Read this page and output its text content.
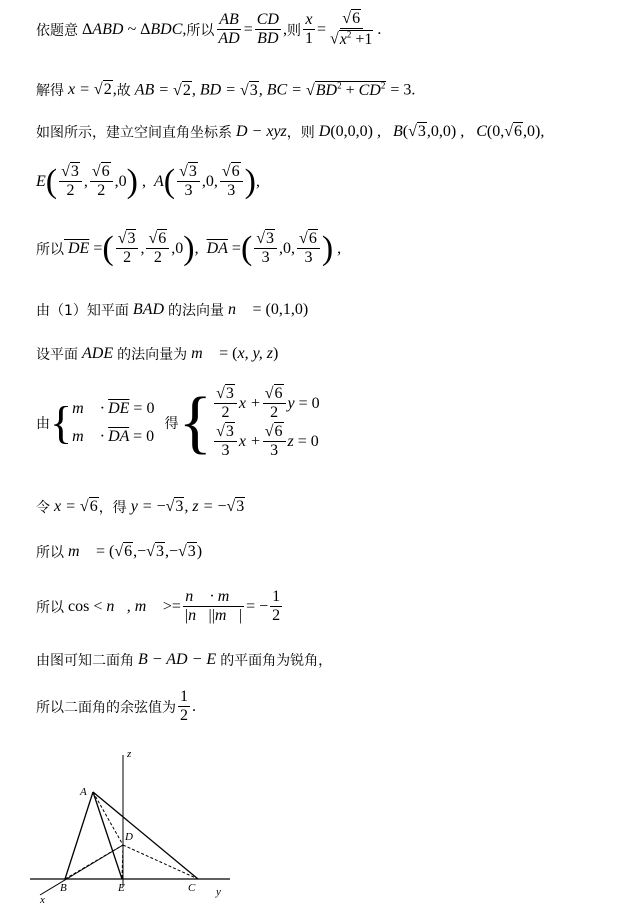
依题意 ΔABD ~ ΔBDC, 所以 $\frac{AB}{AD} = \frac{CD}{BD}$ , 则 $\frac{x}{1} = \frac{√6}{√x^2 +1}$ .
解得 x = √2, 故 AB = √2, BD = √3, BC = $√BD^2 + CD^2 = 3$.
如图所示，建立空间直角坐标系 D − xyz ，则 D(0,0,0) ,   B(√3,0,0) ,   C(0,√6,0),
E ( $\frac{√3}{2}$ , $\frac{√6}{2} ,0$ ) , A ( $\frac{√3}{3} ,0$, $\frac{√6}{3}$ ) ,
所以 DE = ( $\frac{√3}{2}$ , $\frac{√6}{2} ,0$ ) , $\overline{DA}$ = ( $\frac{√3}{3} ,0$, $\frac{√6}{3}$ ) ,
由（1）知平面 BAD 的法向量 n⃗ = (0,1,0)
设平面 ADE 的法向量为 m⃗ = (x, y, z)
由 { m⃗ · $\overline{DE} = 0$
m⃗ · $\overline{DA} = 0$
得 { $\frac{√3}{2}$ $x + \frac{√6}{2}$ y = 0
$\frac{√3}{3}$ $x + \frac{√6}{3}$ z = 0
令 x = √6 ，得 y = −√3, z = −√3
所以 m⃗ = (√6,−√3,−√3)
所以 cos < n⃗, m⃗ >= $\frac{n⃗ \cdot m⃗}{|n⃗||m⃗|}$ = − $\frac{1}{2}$
由图可知二面角 B − AD − E 的平面角为锐角，
所以二面角的余弦值为 $\frac{1}{2}$ .
z
A
D
B	E	C
x
y
